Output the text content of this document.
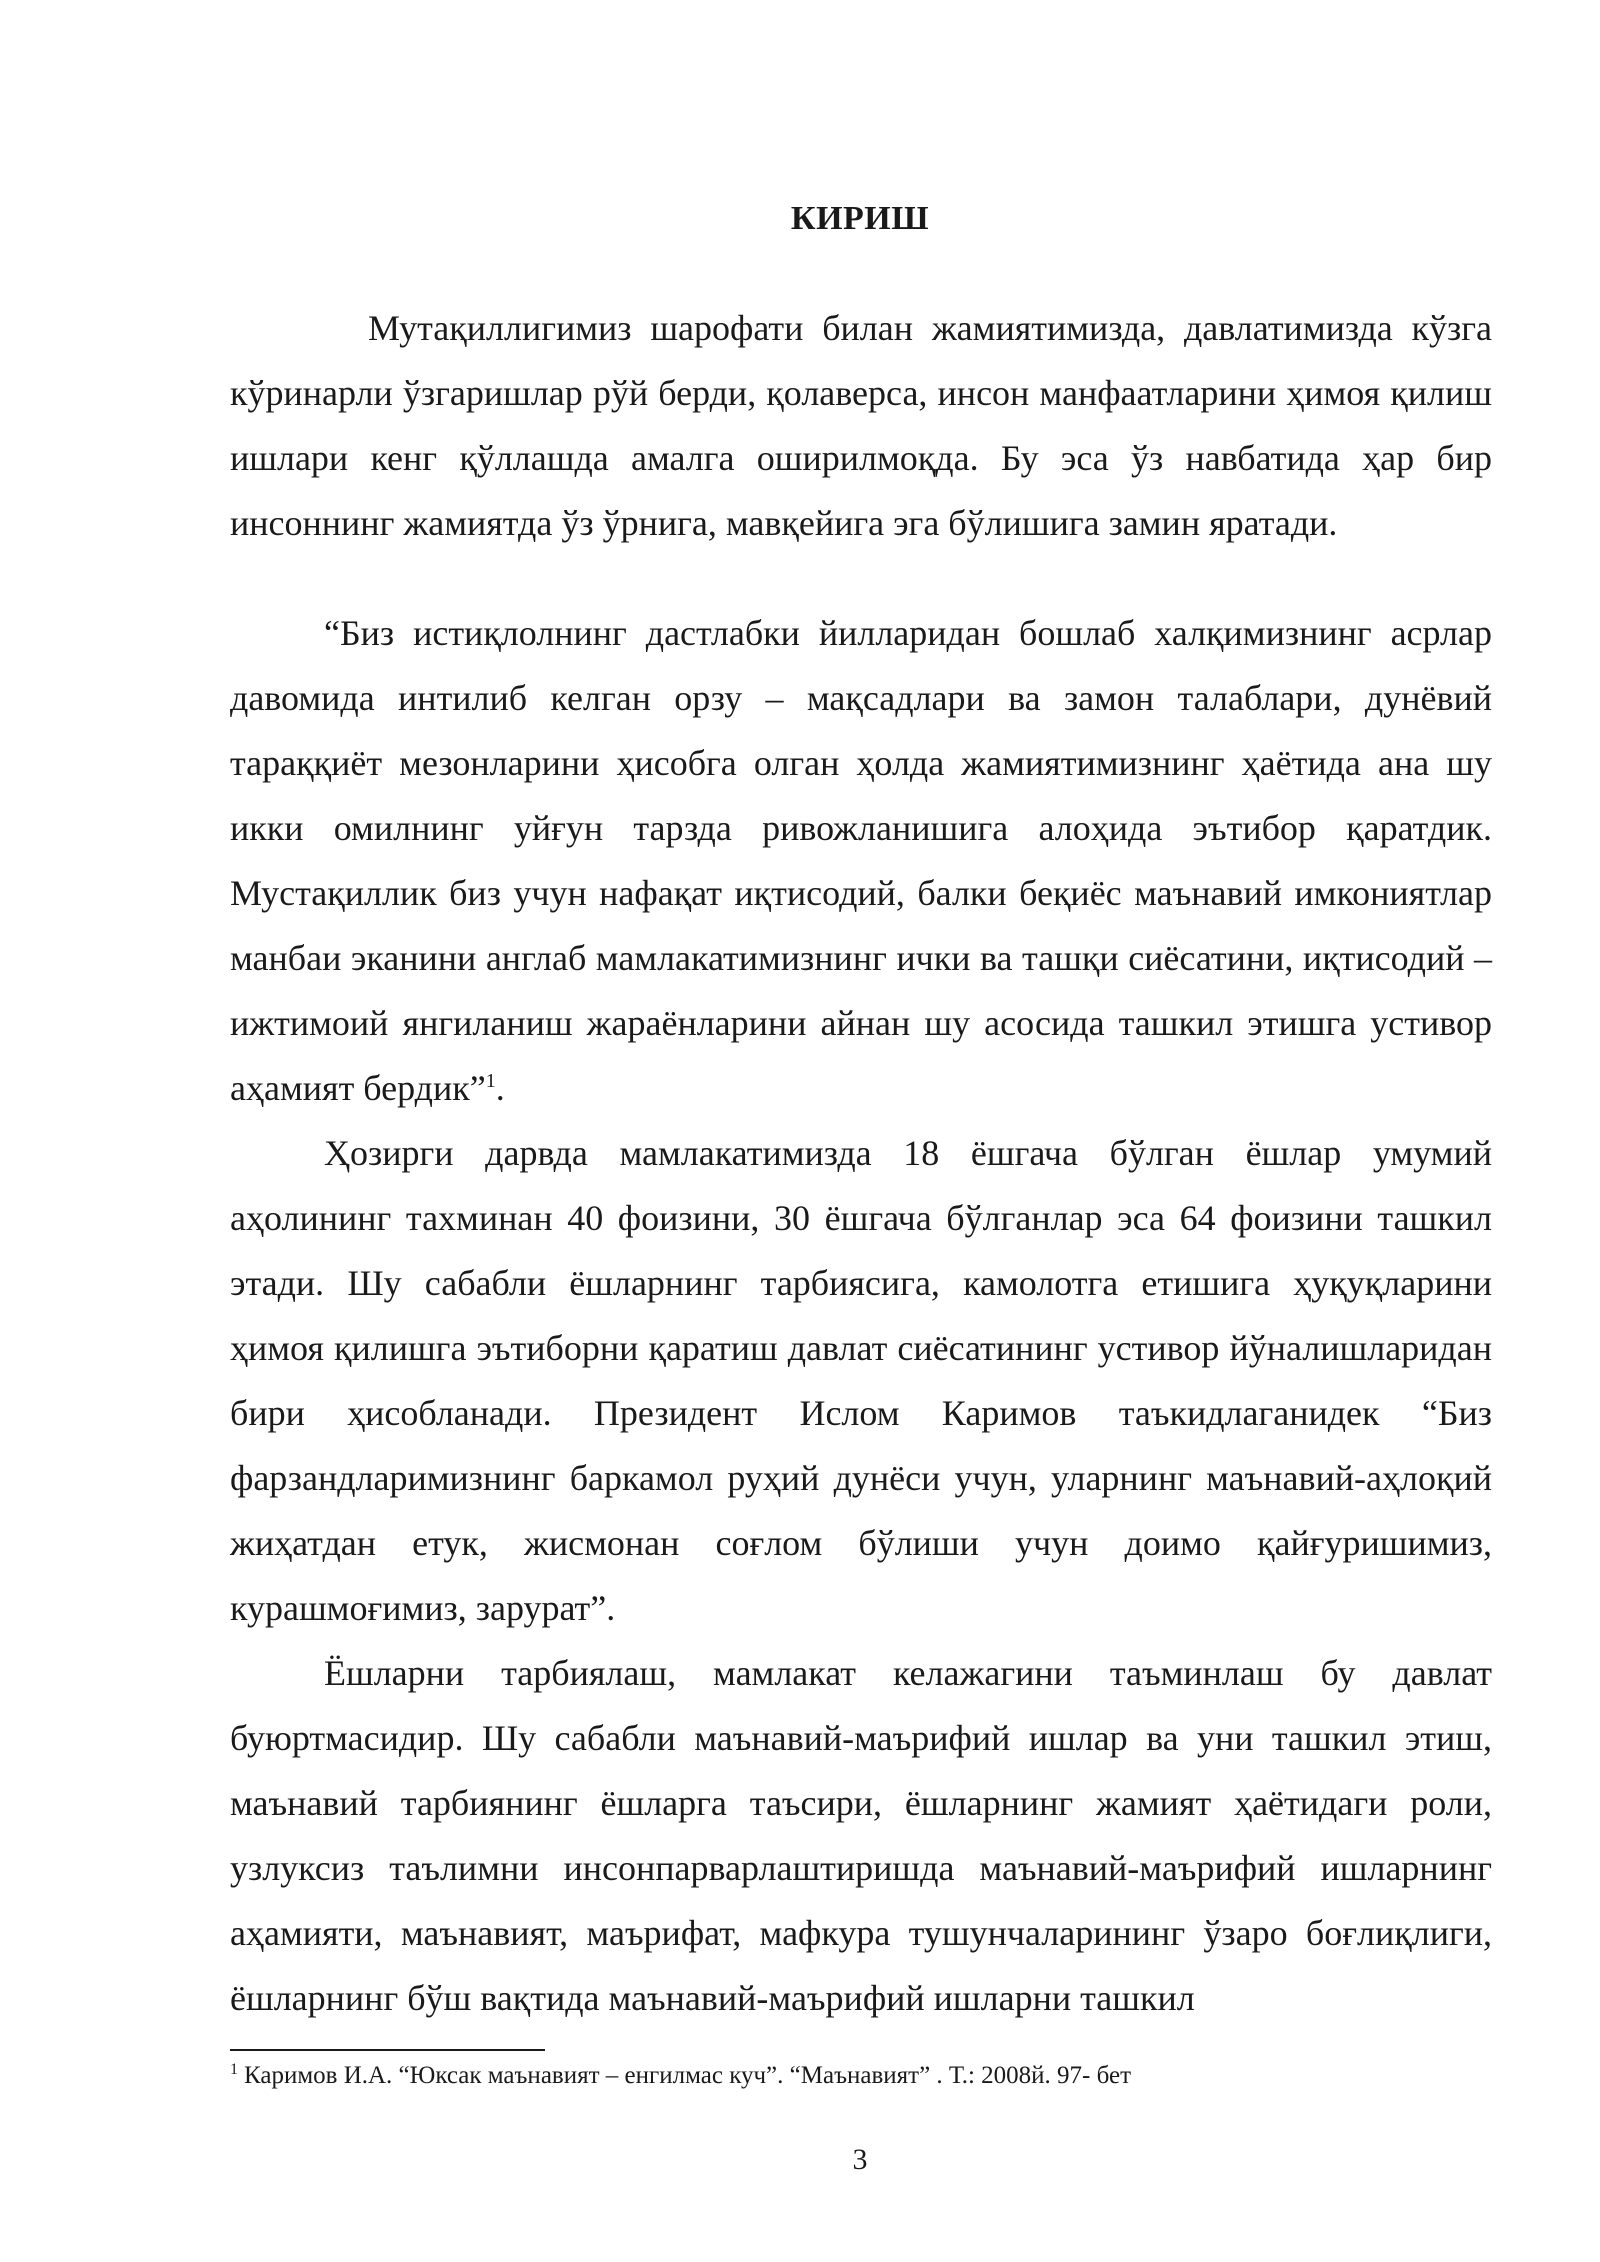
КИРИШ

Мутақиллигимиз шарофати билан жамиятимизда, давлатимизда кўзга кўринарли ўзгаришлар рўй берди, қолаверса, инсон манфаатларини ҳимоя қилиш ишлари кенг қўллашда амалга оширилмоқда. Бу эса ўз навбатида ҳар бир инсоннинг жамиятда ўз ўрнига, мавқейига эга бўлишига замин яратади.

“Биз истиқлолнинг дастлабки йилларидан бошлаб халқимизнинг асрлар давомида интилиб келган орзу – мақсадлари ва замон талаблари, дунёвий тараққиёт мезонларини ҳисобга олган ҳолда жамиятимизнинг ҳаётида ана шу икки омилнинг уйғун тарзда ривожланишига алоҳида эътибор қаратдик. Мустақиллик биз учун нафақат иқтисодий, балки беқиёс маънавий имкониятлар манбаи эканини англаб мамлакатимизнинг ички ва ташқи сиёсатини, иқтисодий – ижтимоий янгиланиш жараёнларини айнан шу асосида ташкил этишга устивор аҳамият бердик”$^1$.

Ҳозирги дарвда мамлакатимизда 18 ёшгача бўлган ёшлар умумий аҳолининг тахминан 40 фоизини, 30 ёшгача бўлганлар эса 64 фоизини ташкил этади. Шу сабабли ёшларнинг тарбиясига, камолотга етишига ҳуқуқларини ҳимоя қилишга эътиборни қаратиш давлат сиёсатининг устивор йўналишларидан бири ҳисобланади. Президент Ислом Каримов таъкидлаганидек “Биз фарзандларимизнинг баркамол руҳий дунёси учун, уларнинг маънавий-аҳлоқий жиҳатдан етук, жисмонан соғлом бўлиши учун доимо қайғуришимиз, курашмоғимиз, зарурат”.

Ёшларни тарбиялаш, мамлакат келажагини таъминлаш бу давлат буюртмасидир. Шу сабабли маънавий-маърифий ишлар ва уни ташкил этиш, маънавий тарбиянинг ёшларга таъсири, ёшларнинг жамият ҳаётидаги роли, узлуксиз таълимни инсонпарварлаштиришда маънавий-маърифий ишларнинг аҳамияти, маънавият, маърифат, мафкура тушунчаларининг ўзаро боғлиқлиги, ёшларнинг бўш вақтида маънавий-маърифий ишларни ташкил

$^1$ Каримов И.А. “Юксак маънавият – енгилмас куч”. “Маънавият” . Т.: 2008й. 97- бет
3
